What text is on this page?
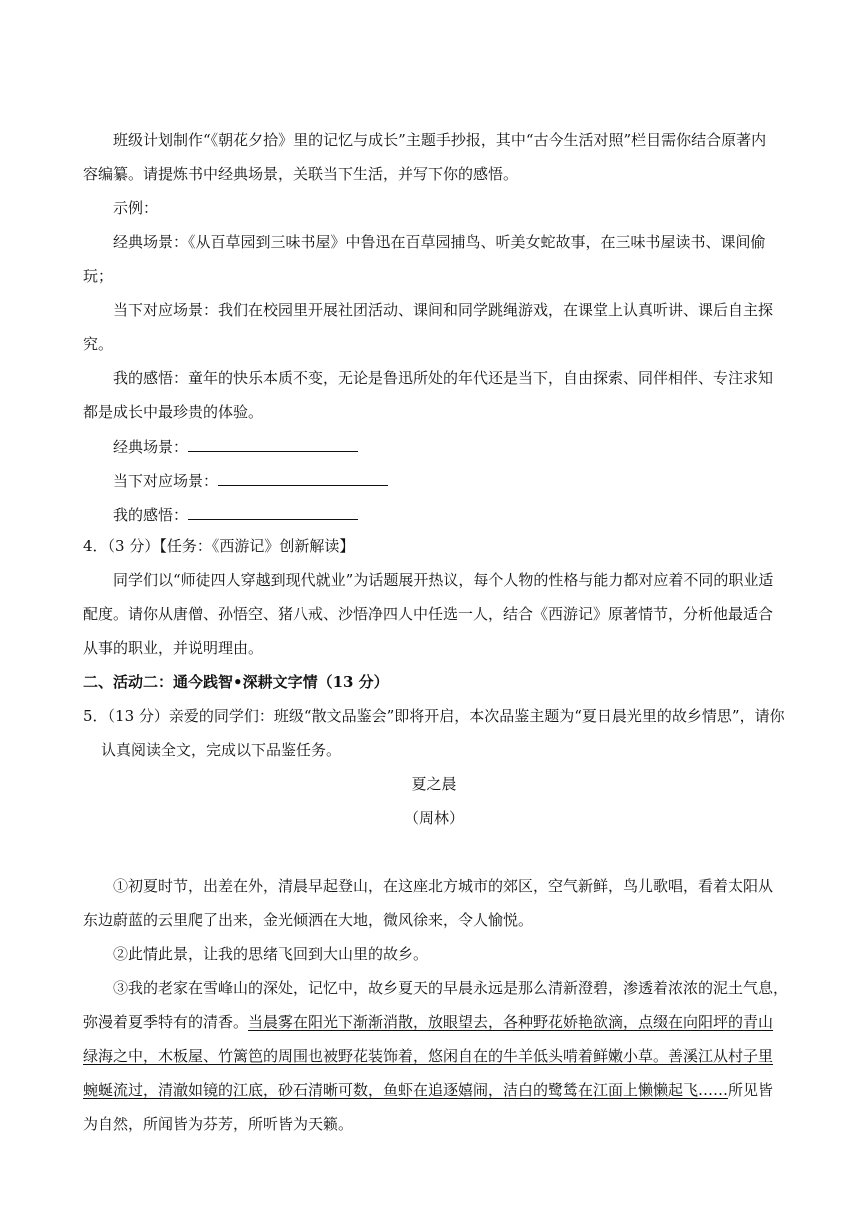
班级计划制作“《朝花夕拾》里的记忆与成长”主题手抄报，其中“古今生活对照”栏目需你结合原著内
容编纂。请提炼书中经典场景，关联当下生活，并写下你的感悟。
示例：
经典场景：《从百草园到三味书屋》中鲁迅在百草园捕鸟、听美女蛇故事，在三味书屋读书、课间偷
玩；
当下对应场景：我们在校园里开展社团活动、课间和同学跳绳游戏，在课堂上认真听讲、课后自主探
究。
我的感悟：童年的快乐本质不变，无论是鲁迅所处的年代还是当下，自由探索、同伴相伴、专注求知
都是成长中最珍贵的体验。
经典场景：
当下对应场景：
我的感悟：
4．（3 分）【任务：《西游记》创新解读】
同学们以“师徒四人穿越到现代就业”为话题展开热议，每个人物的性格与能力都对应着不同的职业适
配度。请你从唐僧、孙悟空、猪八戒、沙悟净四人中任选一人，结合《西游记》原著情节，分析他最适合
从事的职业，并说明理由。
二、活动二：通今践智•深耕文字情（13 分）
5．（13 分）亲爱的同学们：班级“散文品鉴会”即将开启，本次品鉴主题为“夏日晨光里的故乡情思”，请你
认真阅读全文，完成以下品鉴任务。
夏之晨
（周林）
①初夏时节，出差在外，清晨早起登山，在这座北方城市的郊区，空气新鲜，鸟儿歌唱，看着太阳从
东边蔚蓝的云里爬了出来，金光倾洒在大地，微风徐来，令人愉悦。
②此情此景，让我的思绪飞回到大山里的故乡。
③我的老家在雪峰山的深处，记忆中，故乡夏天的早晨永远是那么清新澄碧，渗透着浓浓的泥土气息，
弥漫着夏季特有的清香。当晨雾在阳光下渐渐消散，放眼望去，各种野花娇艳欲滴，点缀在向阳坪的青山
绿海之中，木板屋、竹篱笆的周围也被野花装饰着，悠闲自在的牛羊低头啃着鲜嫩小草。善溪江从村子里
蜿蜒流过，清澈如镜的江底，砂石清晰可数，鱼虾在追逐嬉闹，洁白的鹭鸶在江面上懒懒起飞……所见皆
为自然，所闻皆为芬芳，所听皆为天籁。
